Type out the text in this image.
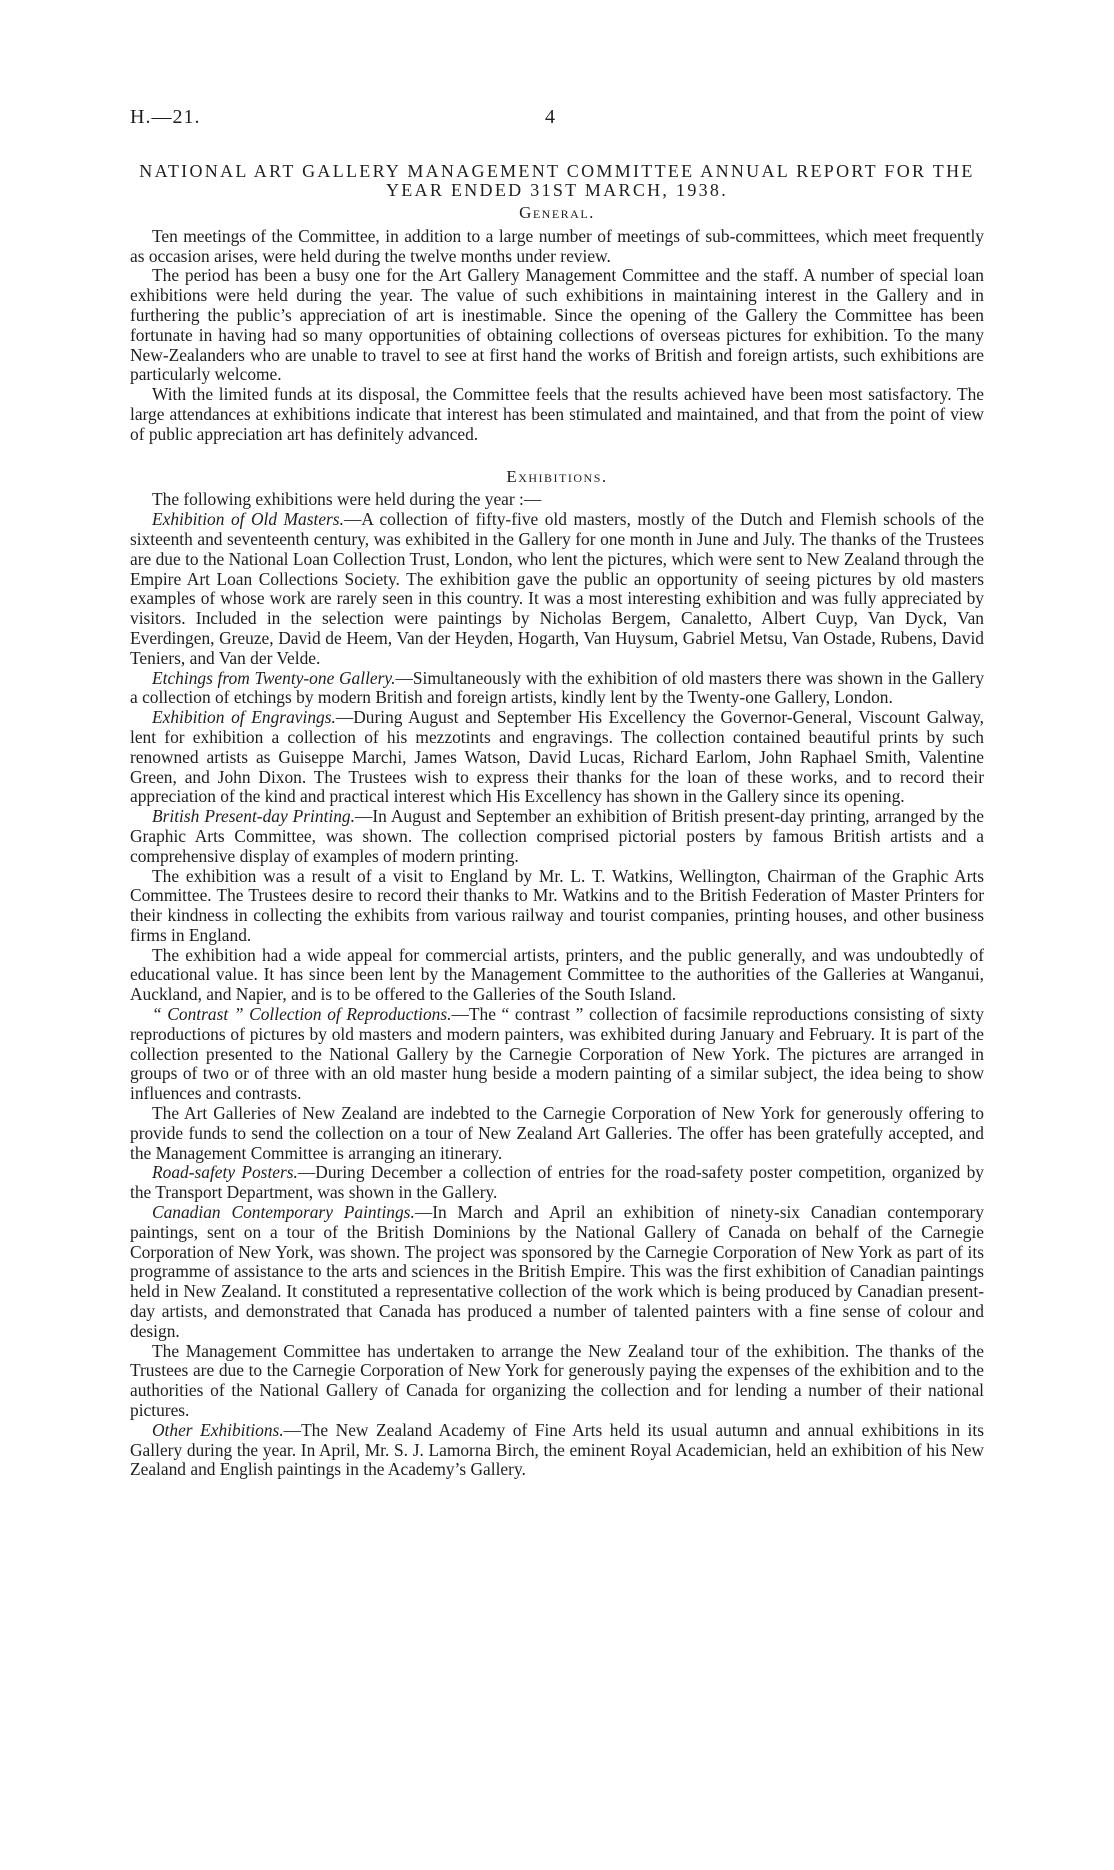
H.—21.	4
NATIONAL ART GALLERY MANAGEMENT COMMITTEE ANNUAL REPORT FOR THE YEAR ENDED 31ST MARCH, 1938.
General.

Ten meetings of the Committee, in addition to a large number of meetings of sub-committees, which meet frequently as occasion arises, were held during the twelve months under review.

The period has been a busy one for the Art Gallery Management Committee and the staff. A number of special loan exhibitions were held during the year. The value of such exhibitions in maintaining interest in the Gallery and in furthering the public’s appreciation of art is inestimable. Since the opening of the Gallery the Committee has been fortunate in having had so many opportunities of obtaining collections of overseas pictures for exhibition. To the many New-Zealanders who are unable to travel to see at first hand the works of British and foreign artists, such exhibitions are particularly welcome.

With the limited funds at its disposal, the Committee feels that the results achieved have been most satisfactory. The large attendances at exhibitions indicate that interest has been stimulated and maintained, and that from the point of view of public appreciation art has definitely advanced.

Exhibitions.

The following exhibitions were held during the year :—

Exhibition of Old Masters.—A collection of fifty-five old masters, mostly of the Dutch and Flemish schools of the sixteenth and seventeenth century, was exhibited in the Gallery for one month in June and July. The thanks of the Trustees are due to the National Loan Collection Trust, London, who lent the pictures, which were sent to New Zealand through the Empire Art Loan Collections Society. The exhibition gave the public an opportunity of seeing pictures by old masters examples of whose work are rarely seen in this country. It was a most interesting exhibition and was fully appreciated by visitors. Included in the selection were paintings by Nicholas Bergem, Canaletto, Albert Cuyp, Van Dyck, Van Everdingen, Greuze, David de Heem, Van der Heyden, Hogarth, Van Huysum, Gabriel Metsu, Van Ostade, Rubens, David Teniers, and Van der Velde.

Etchings from Twenty-one Gallery.—Simultaneously with the exhibition of old masters there was shown in the Gallery a collection of etchings by modern British and foreign artists, kindly lent by the Twenty-one Gallery, London.

Exhibition of Engravings.—During August and September His Excellency the Governor-General, Viscount Galway, lent for exhibition a collection of his mezzotints and engravings. The collection contained beautiful prints by such renowned artists as Guiseppe Marchi, James Watson, David Lucas, Richard Earlom, John Raphael Smith, Valentine Green, and John Dixon. The Trustees wish to express their thanks for the loan of these works, and to record their appreciation of the kind and practical interest which His Excellency has shown in the Gallery since its opening.

British Present-day Printing.—In August and September an exhibition of British present-day printing, arranged by the Graphic Arts Committee, was shown. The collection comprised pictorial posters by famous British artists and a comprehensive display of examples of modern printing.

The exhibition was a result of a visit to England by Mr. L. T. Watkins, Wellington, Chairman of the Graphic Arts Committee. The Trustees desire to record their thanks to Mr. Watkins and to the British Federation of Master Printers for their kindness in collecting the exhibits from various railway and tourist companies, printing houses, and other business firms in England.

The exhibition had a wide appeal for commercial artists, printers, and the public generally, and was undoubtedly of educational value. It has since been lent by the Management Committee to the authorities of the Galleries at Wanganui, Auckland, and Napier, and is to be offered to the Galleries of the South Island.

“ Contrast ” Collection of Reproductions.—The “ contrast ” collection of facsimile reproductions consisting of sixty reproductions of pictures by old masters and modern painters, was exhibited during January and February. It is part of the collection presented to the National Gallery by the Carnegie Corporation of New York. The pictures are arranged in groups of two or of three with an old master hung beside a modern painting of a similar subject, the idea being to show influences and contrasts.

The Art Galleries of New Zealand are indebted to the Carnegie Corporation of New York for generously offering to provide funds to send the collection on a tour of New Zealand Art Galleries. The offer has been gratefully accepted, and the Management Committee is arranging an itinerary.

Road-safety Posters.—During December a collection of entries for the road-safety poster competition, organized by the Transport Department, was shown in the Gallery.

Canadian Contemporary Paintings.—In March and April an exhibition of ninety-six Canadian contemporary paintings, sent on a tour of the British Dominions by the National Gallery of Canada on behalf of the Carnegie Corporation of New York, was shown. The project was sponsored by the Carnegie Corporation of New York as part of its programme of assistance to the arts and sciences in the British Empire. This was the first exhibition of Canadian paintings held in New Zealand. It constituted a representative collection of the work which is being produced by Canadian present-day artists, and demonstrated that Canada has produced a number of talented painters with a fine sense of colour and design.

The Management Committee has undertaken to arrange the New Zealand tour of the exhibition. The thanks of the Trustees are due to the Carnegie Corporation of New York for generously paying the expenses of the exhibition and to the authorities of the National Gallery of Canada for organizing the collection and for lending a number of their national pictures.

Other Exhibitions.—The New Zealand Academy of Fine Arts held its usual autumn and annual exhibitions in its Gallery during the year. In April, Mr. S. J. Lamorna Birch, the eminent Royal Academician, held an exhibition of his New Zealand and English paintings in the Academy’s Gallery.
